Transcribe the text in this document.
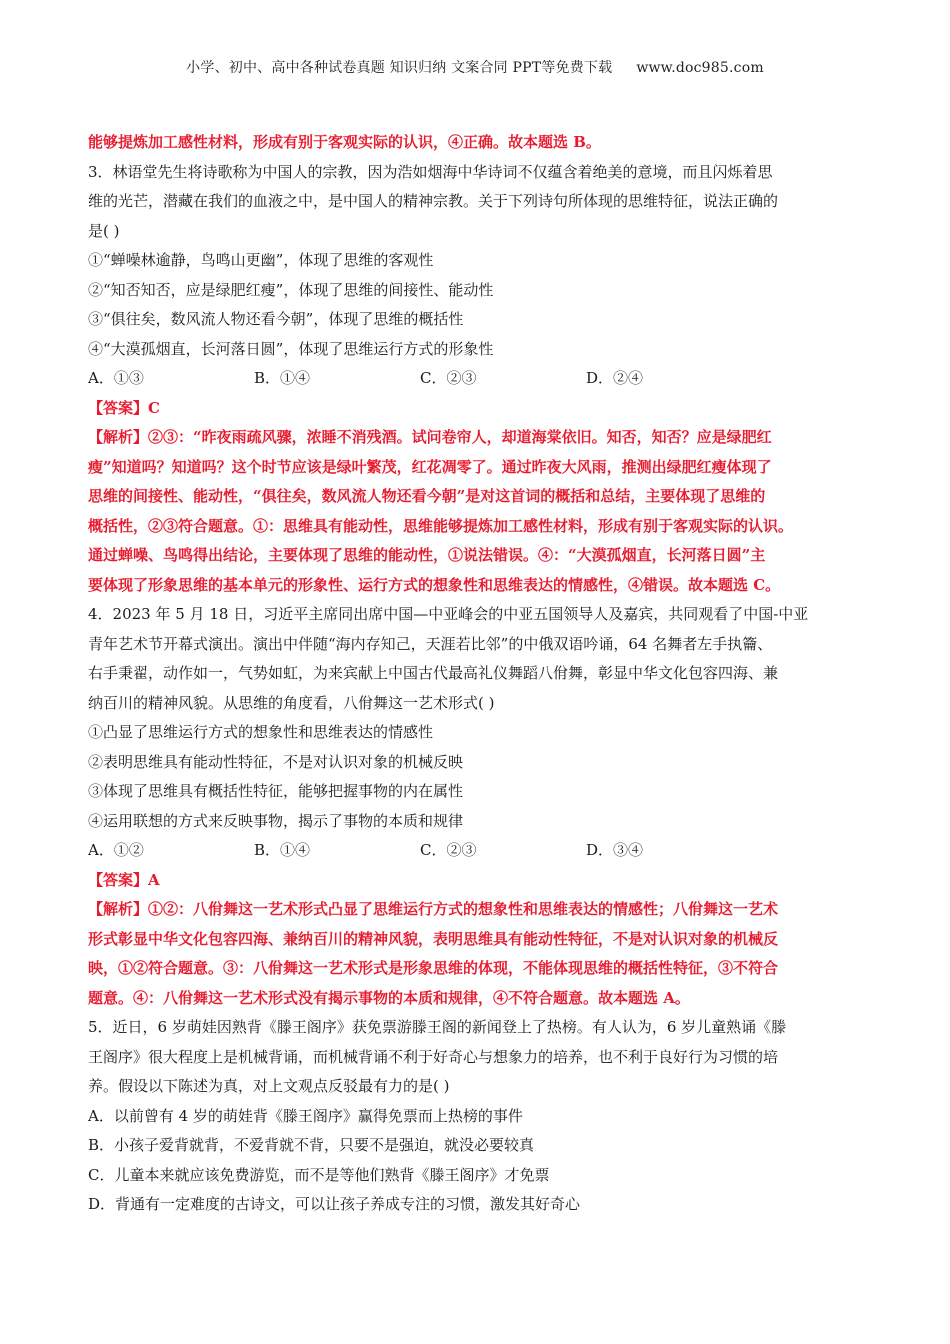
小学、初中、高中各种试卷真题 知识归纳 文案合同 PPT等免费下载 www.doc985.com
能够提炼加工感性材料，形成有别于客观实际的认识，④正确。故本题选 B。
3．林语堂先生将诗歌称为中国人的宗教，因为浩如烟海中华诗词不仅蕴含着绝美的意境，而且闪烁着思
维的光芒，潜藏在我们的血液之中，是中国人的精神宗教。关于下列诗句所体现的思维特征，说法正确的
是( )
①“蝉噪林逾静，鸟鸣山更幽”，体现了思维的客观性
②“知否知否，应是绿肥红瘦”，体现了思维的间接性、能动性
③“俱往矣，数风流人物还看今朝”，体现了思维的概括性
④“大漠孤烟直，长河落日圆”，体现了思维运行方式的形象性
A．①③	B．①④	C．②③	D．②④
【答案】C
【解析】②③：“昨夜雨疏风骤，浓睡不消残酒。试问卷帘人，却道海棠依旧。知否，知否？应是绿肥红
瘦”知道吗？知道吗？这个时节应该是绿叶繁茂，红花凋零了。通过昨夜大风雨，推测出绿肥红瘦体现了
思维的间接性、能动性，“俱往矣，数风流人物还看今朝”是对这首词的概括和总结，主要体现了思维的
概括性，②③符合题意。①：思维具有能动性，思维能够提炼加工感性材料，形成有别于客观实际的认识。
通过蝉噪、鸟鸣得出结论，主要体现了思维的能动性，①说法错误。④：“大漠孤烟直，长河落日圆”主
要体现了形象思维的基本单元的形象性、运行方式的想象性和思维表达的情感性，④错误。故本题选 C。
4．2023 年 5 月 18 日，习近平主席同出席中国—中亚峰会的中亚五国领导人及嘉宾，共同观看了中国-中亚
青年艺术节开幕式演出。演出中伴随“海内存知己，天涯若比邻”的中俄双语吟诵，64 名舞者左手执籥、
右手秉翟，动作如一，气势如虹，为来宾献上中国古代最高礼仪舞蹈八佾舞，彰显中华文化包容四海、兼
纳百川的精神风貌。从思维的角度看，八佾舞这一艺术形式( )
①凸显了思维运行方式的想象性和思维表达的情感性
②表明思维具有能动性特征，不是对认识对象的机械反映
③体现了思维具有概括性特征，能够把握事物的内在属性
④运用联想的方式来反映事物，揭示了事物的本质和规律
A．①②	B．①④	C．②③	D．③④
【答案】A
【解析】①②：八佾舞这一艺术形式凸显了思维运行方式的想象性和思维表达的情感性；八佾舞这一艺术
形式彰显中华文化包容四海、兼纳百川的精神风貌，表明思维具有能动性特征，不是对认识对象的机械反
映，①②符合题意。③：八佾舞这一艺术形式是形象思维的体现，不能体现思维的概括性特征，③不符合
题意。④：八佾舞这一艺术形式没有揭示事物的本质和规律，④不符合题意。故本题选 A。
5．近日，6 岁萌娃因熟背《滕王阁序》获免票游滕王阁的新闻登上了热榜。有人认为，6 岁儿童熟诵《滕
王阁序》很大程度上是机械背诵，而机械背诵不利于好奇心与想象力的培养，也不利于良好行为习惯的培
养。假设以下陈述为真，对上文观点反驳最有力的是( )
A．以前曾有 4 岁的萌娃背《滕王阁序》赢得免票而上热榜的事件
B．小孩子爱背就背，不爱背就不背，只要不是强迫，就没必要较真
C．儿童本来就应该免费游览，而不是等他们熟背《滕王阁序》才免票
D．背通有一定难度的古诗文，可以让孩子养成专注的习惯，激发其好奇心
